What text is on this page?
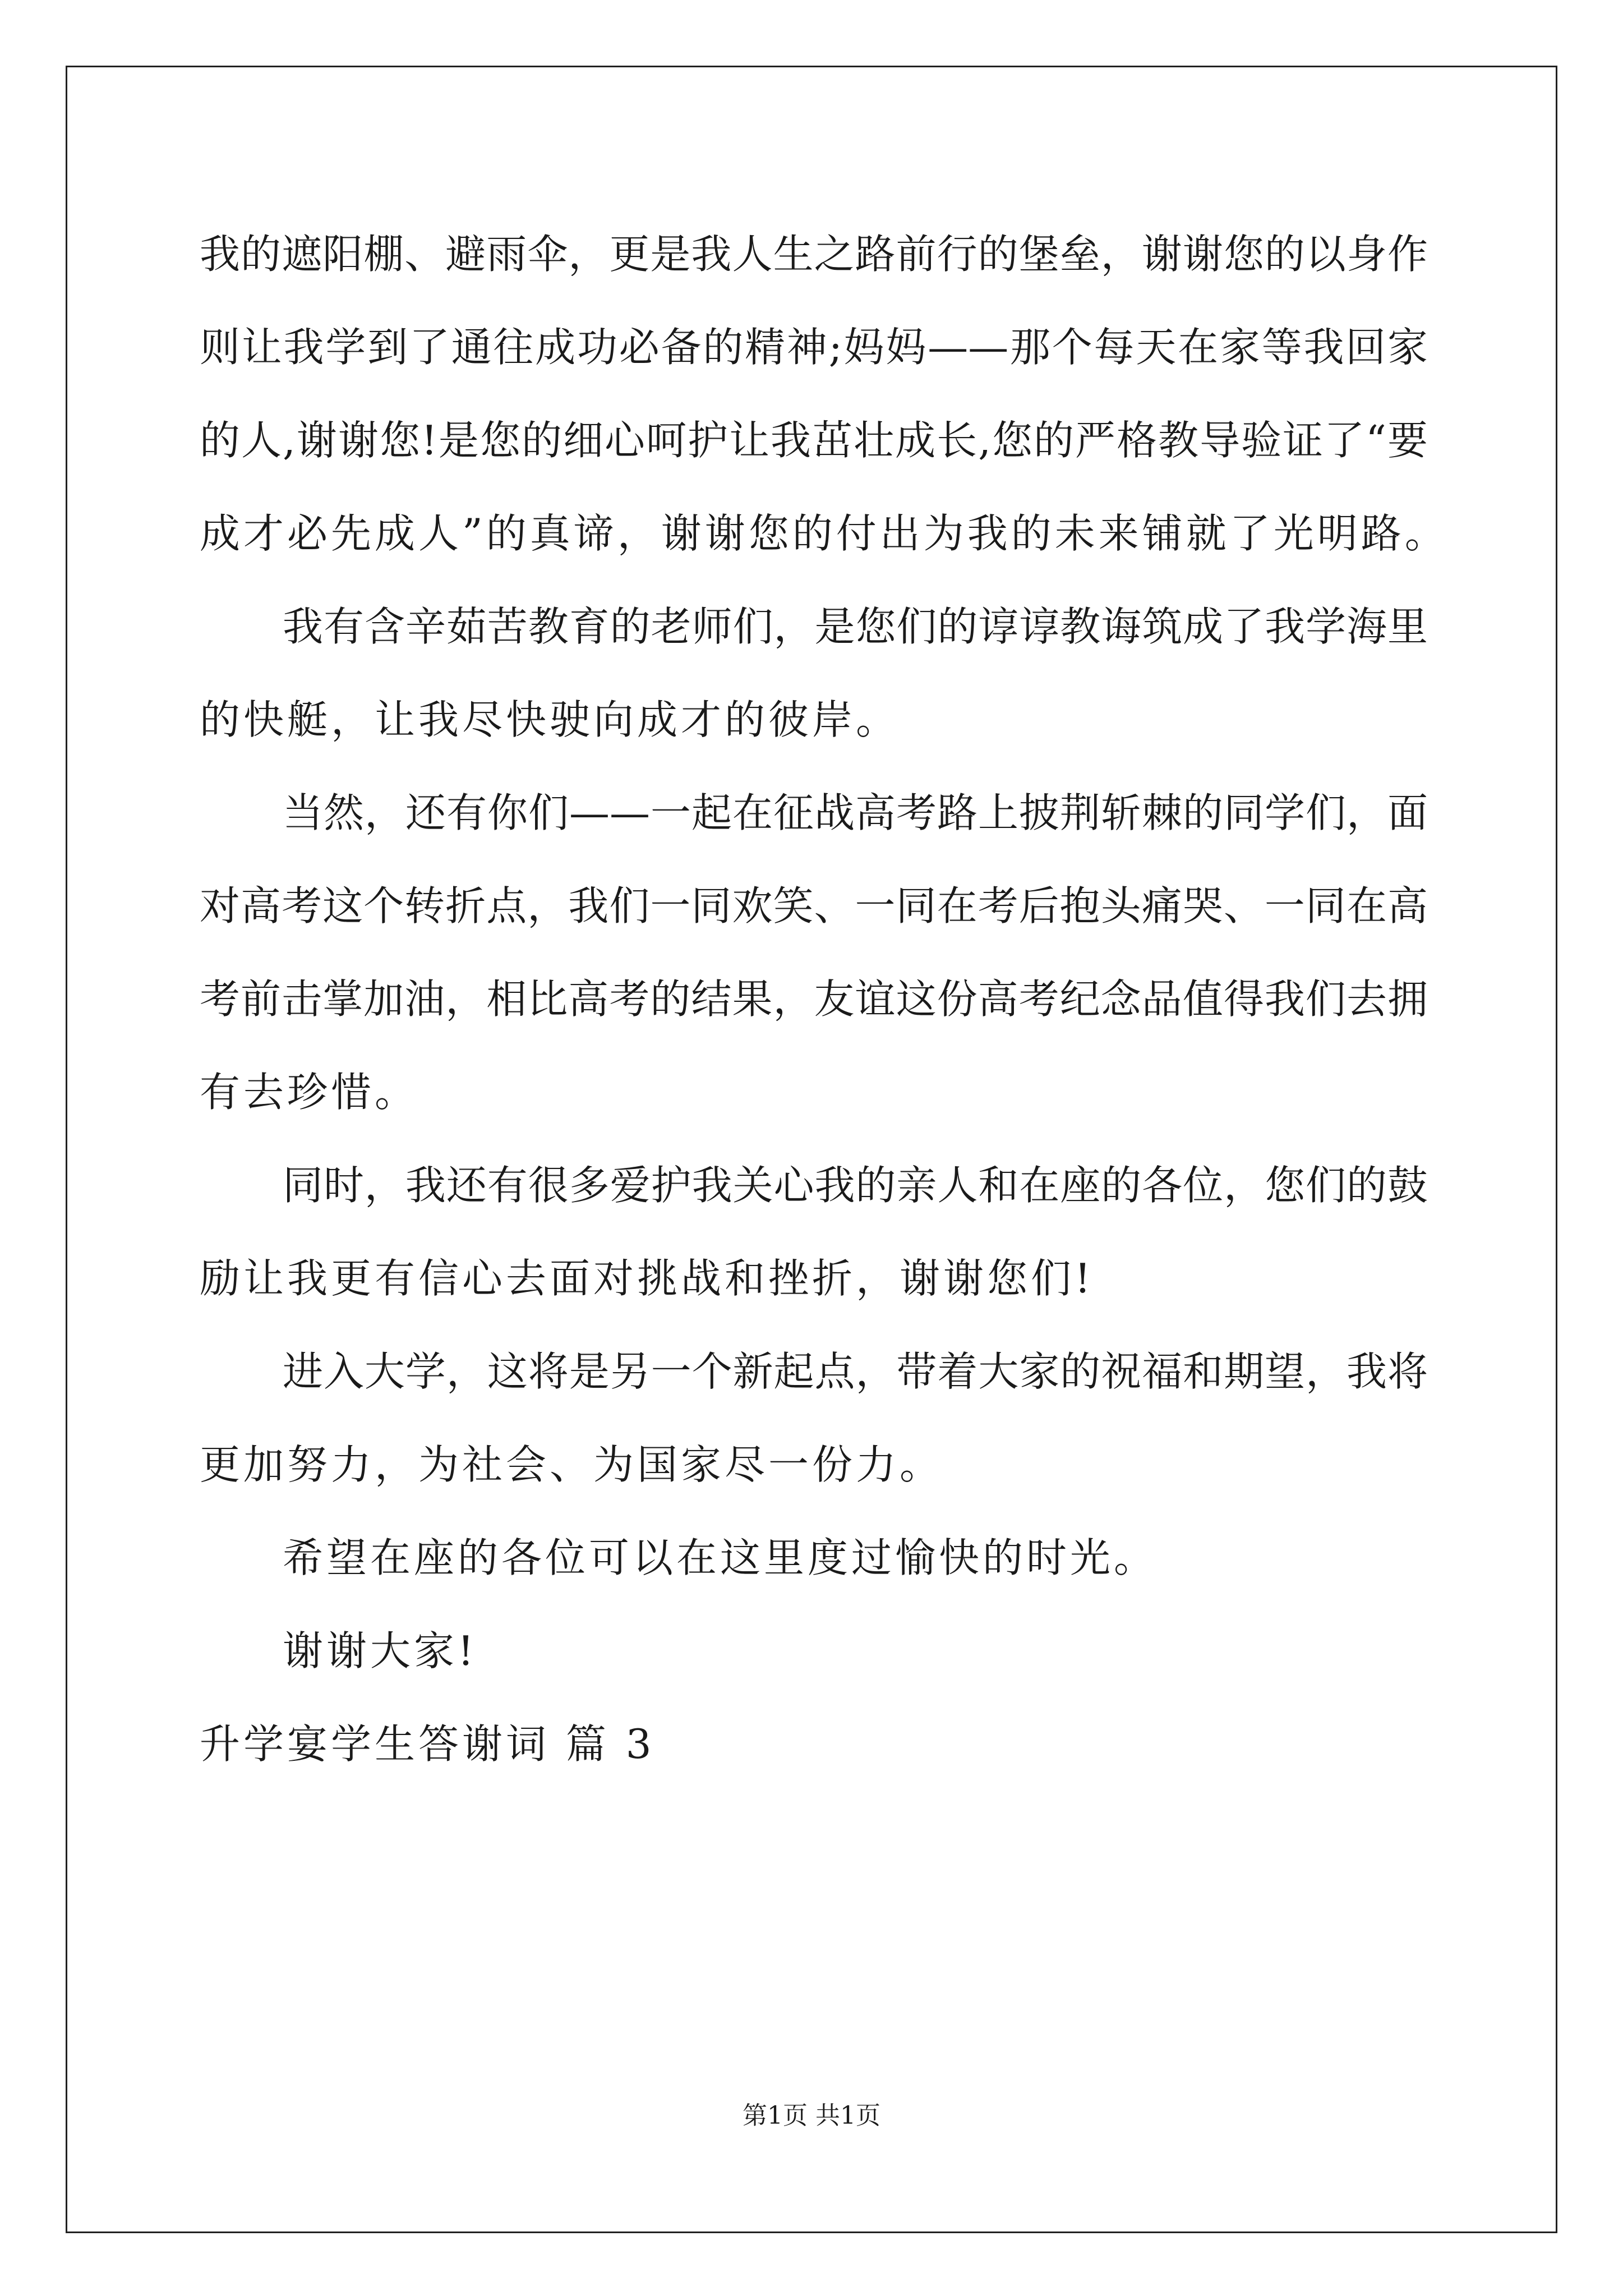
我的遮阳棚、避雨伞，更是我人生之路前行的堡垒，谢谢您的以身作
则让我学到了通往成功必备的精神;妈妈——那个每天在家等我回家
的人,谢谢您!是您的细心呵护让我茁壮成长,您的严格教导验证了“要
成才必先成人”的真谛，谢谢您的付出为我的未来铺就了光明路。
我有含辛茹苦教育的老师们，是您们的谆谆教诲筑成了我学海里
的快艇，让我尽快驶向成才的彼岸。
当然，还有你们——一起在征战高考路上披荆斩棘的同学们，面
对高考这个转折点，我们一同欢笑、一同在考后抱头痛哭、一同在高
考前击掌加油，相比高考的结果，友谊这份高考纪念品值得我们去拥
有去珍惜。
同时，我还有很多爱护我关心我的亲人和在座的各位，您们的鼓
励让我更有信心去面对挑战和挫折，谢谢您们!
进入大学，这将是另一个新起点，带着大家的祝福和期望，我将
更加努力，为社会、为国家尽一份力。
希望在座的各位可以在这里度过愉快的时光。
谢谢大家!
升学宴学生答谢词 篇 3
第1页 共1页
